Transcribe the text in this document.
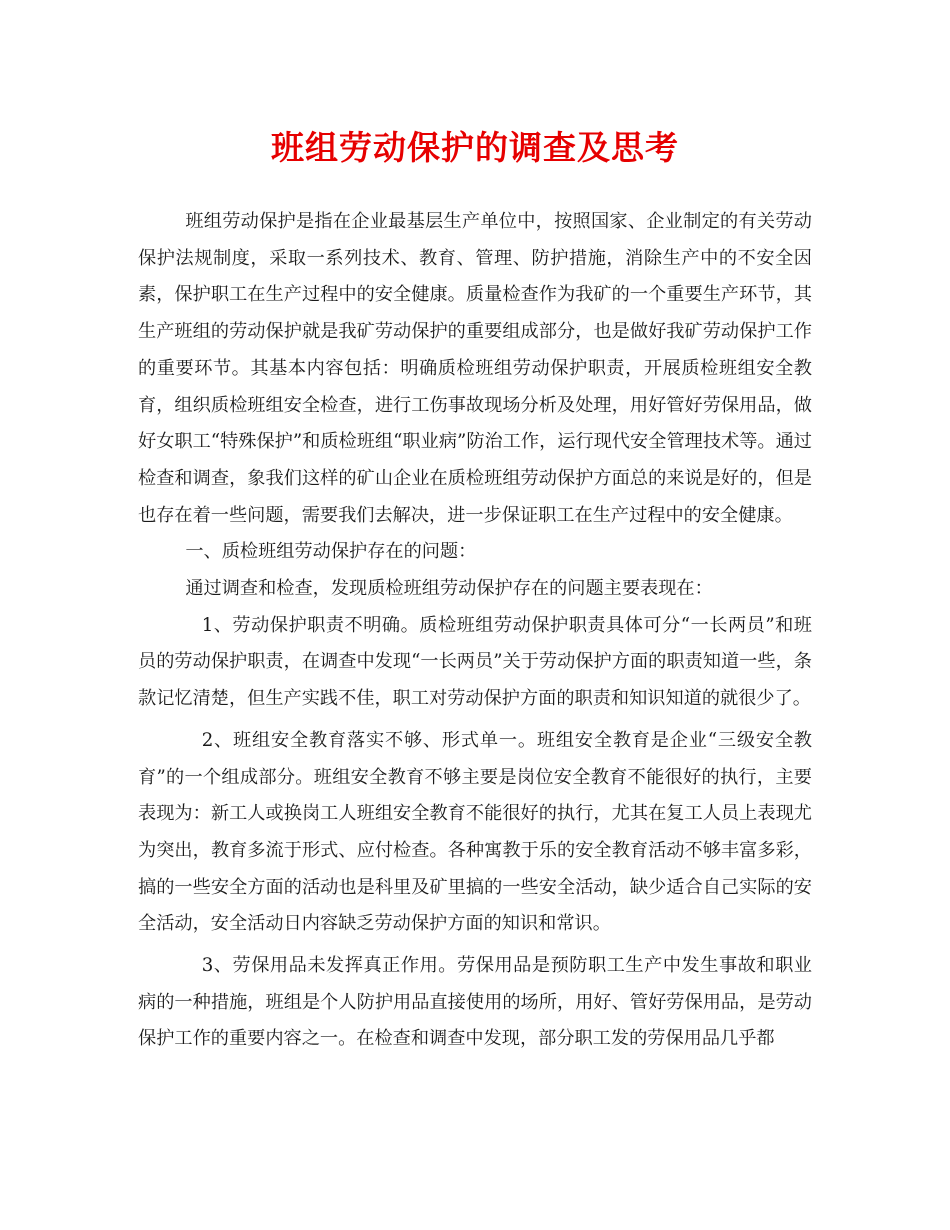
班组劳动保护的调查及思考

班组劳动保护是指在企业最基层生产单位中，按照国家、企业制定的有关劳动保护法规制度，采取一系列技术、教育、管理、防护措施，消除生产中的不安全因素，保护职工在生产过程中的安全健康。质量检查作为我矿的一个重要生产环节，其生产班组的劳动保护就是我矿劳动保护的重要组成部分，也是做好我矿劳动保护工作的重要环节。其基本内容包括：明确质检班组劳动保护职责，开展质检班组安全教育，组织质检班组安全检查，进行工伤事故现场分析及处理，用好管好劳保用品，做好女职工“特殊保护”和质检班组“职业病”防治工作，运行现代安全管理技术等。通过检查和调查，象我们这样的矿山企业在质检班组劳动保护方面总的来说是好的，但是也存在着一些问题，需要我们去解决，进一步保证职工在生产过程中的安全健康。

一、质检班组劳动保护存在的问题：

通过调查和检查，发现质检班组劳动保护存在的问题主要表现在：

1、劳动保护职责不明确。质检班组劳动保护职责具体可分“一长两员”和班员的劳动保护职责，在调查中发现“一长两员”关于劳动保护方面的职责知道一些，条款记忆清楚，但生产实践不佳，职工对劳动保护方面的职责和知识知道的就很少了。

2、班组安全教育落实不够、形式单一。班组安全教育是企业“三级安全教育”的一个组成部分。班组安全教育不够主要是岗位安全教育不能很好的执行，主要表现为：新工人或换岗工人班组安全教育不能很好的执行，尤其在复工人员上表现尤为突出，教育多流于形式、应付检查。各种寓教于乐的安全教育活动不够丰富多彩，搞的一些安全方面的活动也是科里及矿里搞的一些安全活动，缺少适合自己实际的安全活动，安全活动日内容缺乏劳动保护方面的知识和常识。

3、劳保用品未发挥真正作用。劳保用品是预防职工生产中发生事故和职业病的一种措施，班组是个人防护用品直接使用的场所，用好、管好劳保用品，是劳动保护工作的重要内容之一。在检查和调查中发现，部分职工发的劳保用品几乎都
